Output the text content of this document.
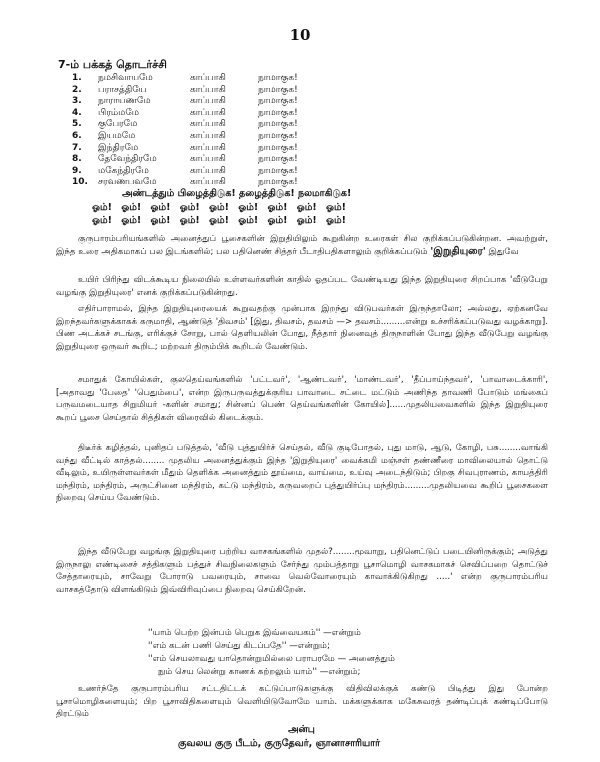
10
7-ம் பக்கத் தொடர்ச்சி
1.	நமசிவாயமே	காப்பாகி	நாமாகுக!
2.	பராசத்தியே	காப்பாகி	நாமாகுக!
3.	நாராயணமே	காப்பாகி	நாமாகுக!
4.	பிரம்மமே	காப்பாகி	நாமாகுக!
5.	குபேரமே	காப்பாகி	நாமாகுக!
6.	இயமமே	காப்பாகி	நாமாகுக!
7.	இந்திரமே	காப்பாகி	நாமாகுக!
8.	தேவேந்திரமே	காப்பாகி	நாமாகுக!
9.	மகேந்திரமே	காப்பாகி	நாமாகுக!
10.	சரவணபவமே	காப்பாகி	நாமாகுக!
அண்டத்தும் பிழைத்திடுக! தழைத்திடுக! நலமாகிடுக!
ஓம்! ஓம்! ஓம்! ஓம்! ஓம்! ஓம்! ஓம்! ஓம்! ஓம்!
ஓம்! ஓம்! ஓம்! ஓம்! ஓம்! ஓம்! ஓம்! ஓம்! ஓம்!

குருபாரம்பரியங்களில் அனைத்துப் பூசைகளின் இறுதியிலும் கூறுகின்ற உரைகள் சில குறிக்கப்படுகின்றன. அவற்றுள், இந்த உரை அதிகமாகப் பல இடங்களில்; பல பதினெண் சித்தர் பீடாதிபதிகளாலும் குறிக்கப்படும் 'இறுதியுரை' இதுவே

உயிர் பிரிந்து விடக்கூடிய நிலையில் உள்ளவர்களின் காதில் ஓதப்பட வேண்டியது இந்த இறுதியுரை சிறப்பாக 'வீடுபேறு வழங்கு இறுதியுரை' எனக் குறிக்கப்படுகின்றது.

எதிர்பாராமல், இந்த இறுதியுரையைக் கூறுவதற்கு முன்பாக இறந்து விடுபவர்கள் இருந்தாலோ; அல்லது, ஏற்கனவே இறந்தவர்களுக்காகக் கருமாதி, ஆண்டுத் 'திவசம்' [இது, திவசம், தவசம் —> தவசம்.........என்று உச்சரிக்கப்படுவது வழக்காறு]. பிண அடக்கச் சடங்கு, எரிக்குச் சோறு, பால் தெளியலின் போது, நீத்தார் நினைவுத் திருநாளின் போது இந்த வீடுபேறு வழங்கு இறுதியுரை ஒருவர் கூறிட; மற்றவர் திரும்பிக் கூறிடல் வேண்டும்.

சமாதுக் கோயில்கள், குலதெய்வங்களில் 'பட்டவர்', 'ஆண்டவர்', 'மாண்டவர்', 'தீப்பாய்ந்தவர்', 'பாவாடைக்காரி', [அதாவது 'பேதை' 'பெதும்பை', என்ற இருபருவத்துக்குரிய பாவாடை சட்டை மட்டும் அணிந்த தாவணி போடும் மங்கைப் பருவமடையாத சிறுமியர் -களின் சமாது; சின்னப் பெண் தெய்வங்களின் கோயில்]......முதலியவைகளில் இந்த இறுதியுரை கூறப் பூசை செய்தால் சித்திகள் விரைவில் கிடைக்கும்.

திடீர்க் கழித்தல், புனிதப் படுத்தல், 'வீடு புத்துயிர்ச் செய்தல், வீடு குடிபோதல், புது மாடு, ஆடு, கோழி, பசு........வாங்கி வந்து வீட்டில் காத்தல்........ முதலிய அனைத்துக்கும் இந்த 'இறுதியுரை' வைக்கமி மஞ்சள் தண்ணீரை மாவிலையால் தொட்டு வீடிலும், உயிருள்ளவர்கள் மீதும் தெளிக்க அனைத்தும் தூய்மை, வாய்மை, உய்வு அடைந்திடும்; பிறகு சிவபுராணம், காயத்திரி மந்திரம், மந்திரம், அருட்சினை மந்திரம், கட்டு மந்திரம், கருவறைப் புத்துயிர்ப்பு மந்திரம்.........முதலியவை கூறிப் பூசைகளை நிறைவு செய்ய வேண்டும்.

இந்த வீடுபேறு வழங்கு இறுதியுரை பற்றிய வாசகங்களில் முதல்?........மூவாறு, பதினெட்டுப் படையினிருக்கும்; அடுத்து இருநாலு எண்டிசைச் சத்திகளும் பத்துச் சிவநிலைகளும் சேர்ந்து மும்பத்தாறு பூசாமொழி வாசகமாகச் செவிப்பறை தொட்டுச் சேத்தாரையும், சாவேறு போராடு பவரையும், சாவை வெல்வோரையும் காவாக்கிடுகிறது .....' என்ற குருபாரம்பரிய வாசகத்தோடு விளங்கிடும் இவ்விரிவுப்பை நிறைவு செய்கிறேன்.

''யாம் பெற்ற இன்பம் பெறுக இவ்வையகம்'' —என்றும்
''எம் கடன் பணி செய்து கிடப்பதே'' —என்றும்;
''எம் செயலாவது யாதொன்றுமில்லை பராபரமே — அனைத்தும்
நும் செய லென்று காணக் கற்றலும் யாம்'' —என்றும்;

உணர்ந்தே குருபாரம்பரிய சட்டதிட்டக் கட்டுப்பாடுகளுக்கு விதிவிலக்குக் கண்டு பிடித்து இது போன்ற பூசாமொழிகளையும்; பிற பூசாவிதிகளையும் வெளியிடுவோமே யாம். மக்களுக்காக மகேசுவரத் தண்டிப்புக் கண்டிப்போடு திரட்டும்

அன்பு
குவலய குரு பீடம், குருதேவர், ஞானாசாரியார்
